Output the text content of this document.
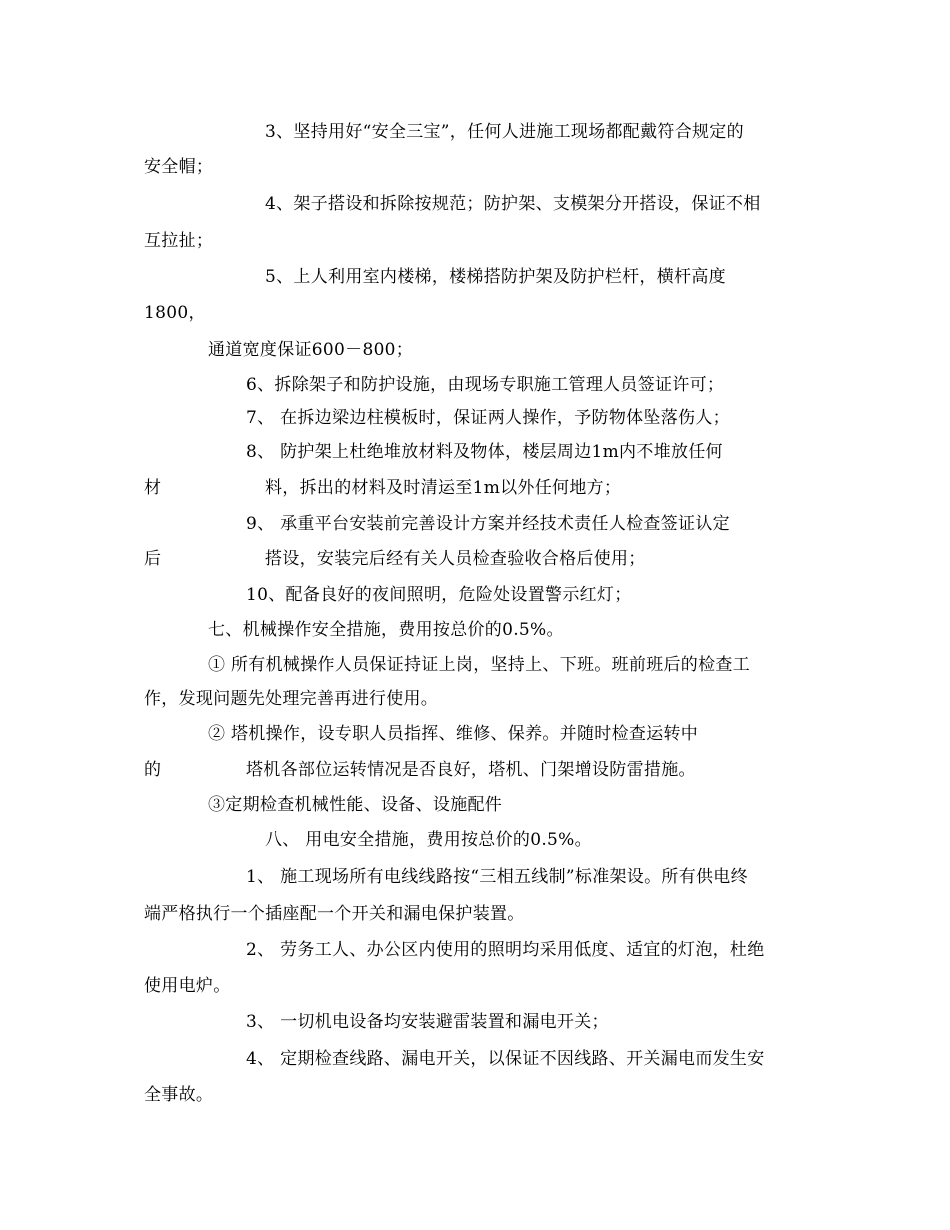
3、坚持用好“安全三宝”，任何人进施工现场都配戴符合规定的
安全帽；
4、架子搭设和拆除按规范；防护架、支模架分开搭设，保证不相
互拉扯；
5、上人利用室内楼梯，楼梯搭防护架及防护栏杆，横杆高度
1800，
通道宽度保证600－800；
6、拆除架子和防护设施，由现场专职施工管理人员签证许可；
7、 在拆边梁边柱模板时，保证两人操作，予防物体坠落伤人；
8、 防护架上杜绝堆放材料及物体，楼层周边1m内不堆放任何
材	料，拆出的材料及时清运至1m以外任何地方；
9、 承重平台安装前完善设计方案并经技术责任人检查签证认定
后	搭设，安装完后经有关人员检查验收合格后使用；
10、配备良好的夜间照明，危险处设置警示红灯；
七、机械操作安全措施，费用按总价的0.5%。
① 所有机械操作人员保证持证上岗，坚持上、下班。班前班后的检查工
作，发现问题先处理完善再进行使用。
② 塔机操作，设专职人员指挥、维修、保养。并随时检查运转中
的	塔机各部位运转情况是否良好，塔机、门架增设防雷措施。
③定期检查机械性能、设备、设施配件
八、 用电安全措施，费用按总价的0.5%。
1、 施工现场所有电线线路按“三相五线制”标准架设。所有供电终
端严格执行一个插座配一个开关和漏电保护装置。
2、 劳务工人、办公区内使用的照明均采用低度、适宜的灯泡，杜绝
使用电炉。
3、 一切机电设备均安装避雷装置和漏电开关；
4、 定期检查线路、漏电开关，以保证不因线路、开关漏电而发生安
全事故。
